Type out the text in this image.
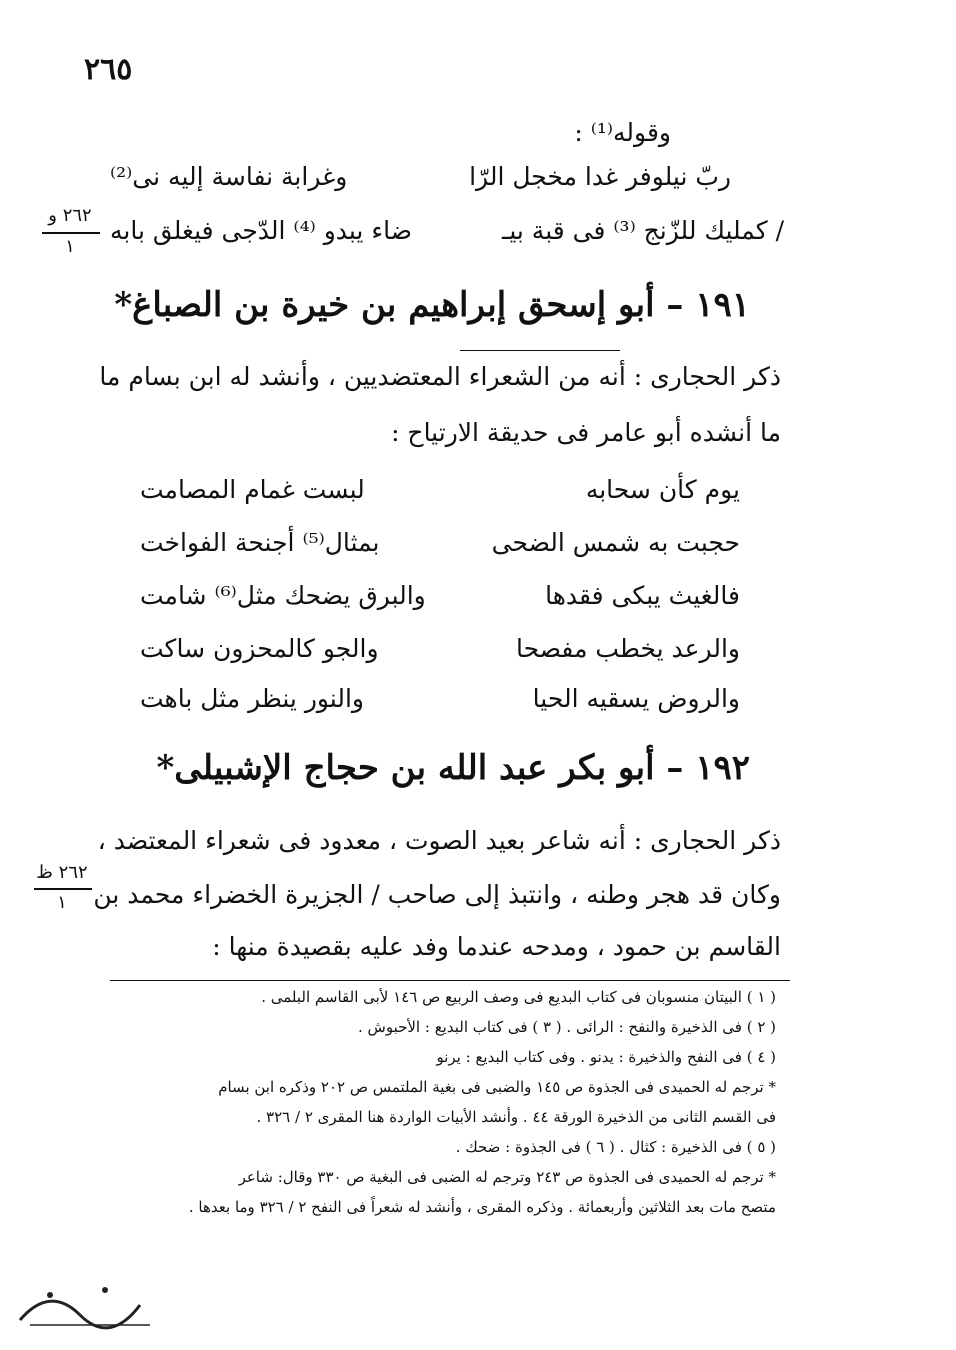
٢٦٥
وقوله⁽¹⁾ :
ربّ نيلوفر غدا مخجل الرّا
وغرابة نفاسة إليه نى⁽²⁾
/ كمليك للزّنج ⁽³⁾ فى قبة بيـ
ضاء يبدو ⁽⁴⁾ الدّجى فيغلق بابه
٢٦٢ و
١
١٩١ – أبو إسحق إبراهيم بن خيرة بن الصباغ*
ذكر الحجارى : أنه من الشعراء المعتضديين ، وأنشد له ابن بسام ما
ما أنشده أبو عامر فى حديقة الارتياح :
يوم كأن سحابه
لبست غمام المصامت
حجبت به شمس الضحى
بمثال⁽⁵⁾ أجنحة الفواخت
فالغيث يبكى فقدها
والبرق يضحك مثل⁽⁶⁾ شامت
والرعد يخطب مفصحا
والجو كالمحزون ساكت
والروض يسقيه الحيا
والنور ينظر مثل باهت
١٩٢ – أبو بكر عبد الله بن حجاج الإشبيلى*
ذكر الحجارى : أنه شاعر بعيد الصوت ، معدود فى شعراء المعتضد ،
وكان قد هجر وطنه ، وانتبذ إلى صاحب / الجزيرة الخضراء محمد بن
القاسم بن حمود ، ومدحه عندما وفد عليه بقصيدة منها :
٢٦٢ ظ
١
( ١ ) البيتان منسوبان فى كتاب البديع فى وصف الربيع ص ١٤٦ لأبى القاسم البلمى .
( ٢ ) فى الذخيرة والنفح : الرائى . ( ٣ ) فى كتاب البديع : الأحبوش .
( ٤ ) فى النفح والذخيرة : يدنو . وفى كتاب البديع : يرنو
* ترجم له الحميدى فى الجذوة ص ١٤٥ والضبى فى بغية الملتمس ص ٢٠٢ وذكره ابن بسام
فى القسم الثانى من الذخيرة الورقة ٤٤ . وأنشد الأبيات الواردة هنا المقرى ٢ / ٣٢٦ .
( ٥ ) فى الذخيرة : كثال . ( ٦ ) فى الجذوة : ضحك .
* ترجم له الحميدى فى الجذوة ص ٢٤٣ وترجم له الضبى فى البغية ص ٣٣٠ وقال: شاعر
متصح مات بعد الثلاثين وأربعمائة . وذكره المقرى ، وأنشد له شعراً فى النفح ٢ / ٣٢٦ وما بعدها .
